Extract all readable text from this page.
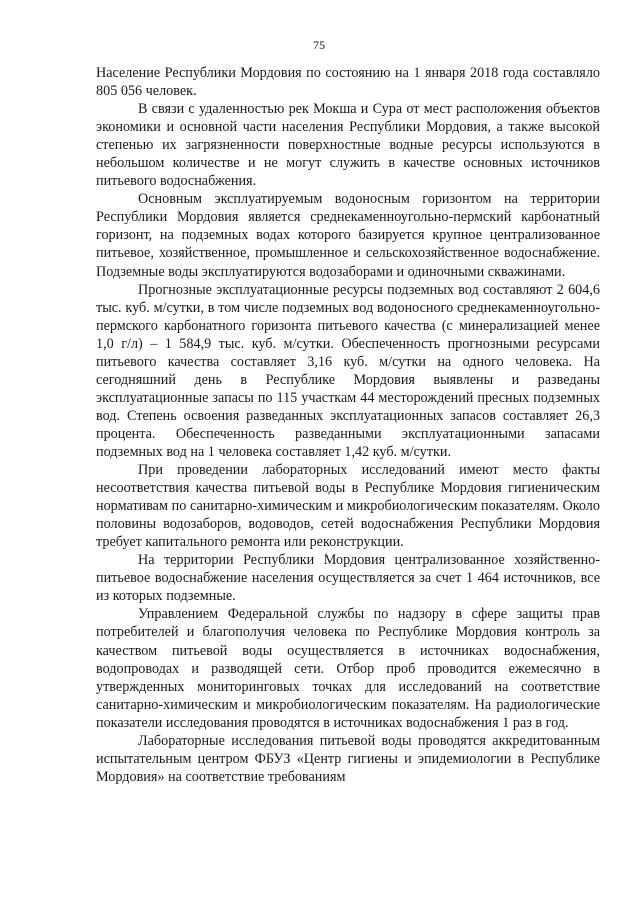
75

Население Республики Мордовия по состоянию на 1 января 2018 года составляло 805 056 человек.

В связи с удаленностью рек Мокша и Сура от мест расположения объектов экономики и основной части населения Республики Мордовия, а также высокой степенью их загрязненности поверхностные водные ресурсы используются в небольшом количестве и не могут служить в качестве основных источников питьевого водоснабжения.

Основным эксплуатируемым водоносным горизонтом на территории Республики Мордовия является среднекаменноугольно-пермский карбонатный горизонт, на подземных водах которого базируется крупное централизованное питьевое, хозяйственное, промышленное и сельскохозяйственное водоснабжение. Подземные воды эксплуатируются водозаборами и одиночными скважинами.

Прогнозные эксплуатационные ресурсы подземных вод составляют 2 604,6 тыс. куб. м/сутки, в том числе подземных вод водоносного среднекаменноугольно-пермского карбонатного горизонта питьевого качества (с минерализацией менее 1,0 г/л) – 1 584,9 тыс. куб. м/сутки. Обеспеченность прогнозными ресурсами питьевого качества составляет 3,16 куб. м/сутки на одного человека. На сегодняшний день в Республике Мордовия выявлены и разведаны эксплуатационные запасы по 115 участкам 44 месторождений пресных подземных вод. Степень освоения разведанных эксплуатационных запасов составляет 26,3 процента. Обеспеченность разведанными эксплуатационными запасами подземных вод на 1 человека составляет 1,42 куб. м/сутки.

При проведении лабораторных исследований имеют место факты несоответствия качества питьевой воды в Республике Мордовия гигиеническим нормативам по санитарно-химическим и микробиологическим показателям. Около половины водозаборов, водоводов, сетей водоснабжения Республики Мордовия требует капитального ремонта или реконструкции.

На территории Республики Мордовия централизованное хозяйственно-питьевое водоснабжение населения осуществляется за счет 1 464 источников, все из которых подземные.

Управлением Федеральной службы по надзору в сфере защиты прав потребителей и благополучия человека по Республике Мордовия контроль за качеством питьевой воды осуществляется в источниках водоснабжения, водопроводах и разводящей сети. Отбор проб проводится ежемесячно в утвержденных мониторинговых точках для исследований на соответствие санитарно-химическим и микробиологическим показателям. На радиологические показатели исследования проводятся в источниках водоснабжения 1 раз в год.

Лабораторные исследования питьевой воды проводятся аккредитованным испытательным центром ФБУЗ «Центр гигиены и эпидемиологии в Республике Мордовия» на соответствие требованиям
